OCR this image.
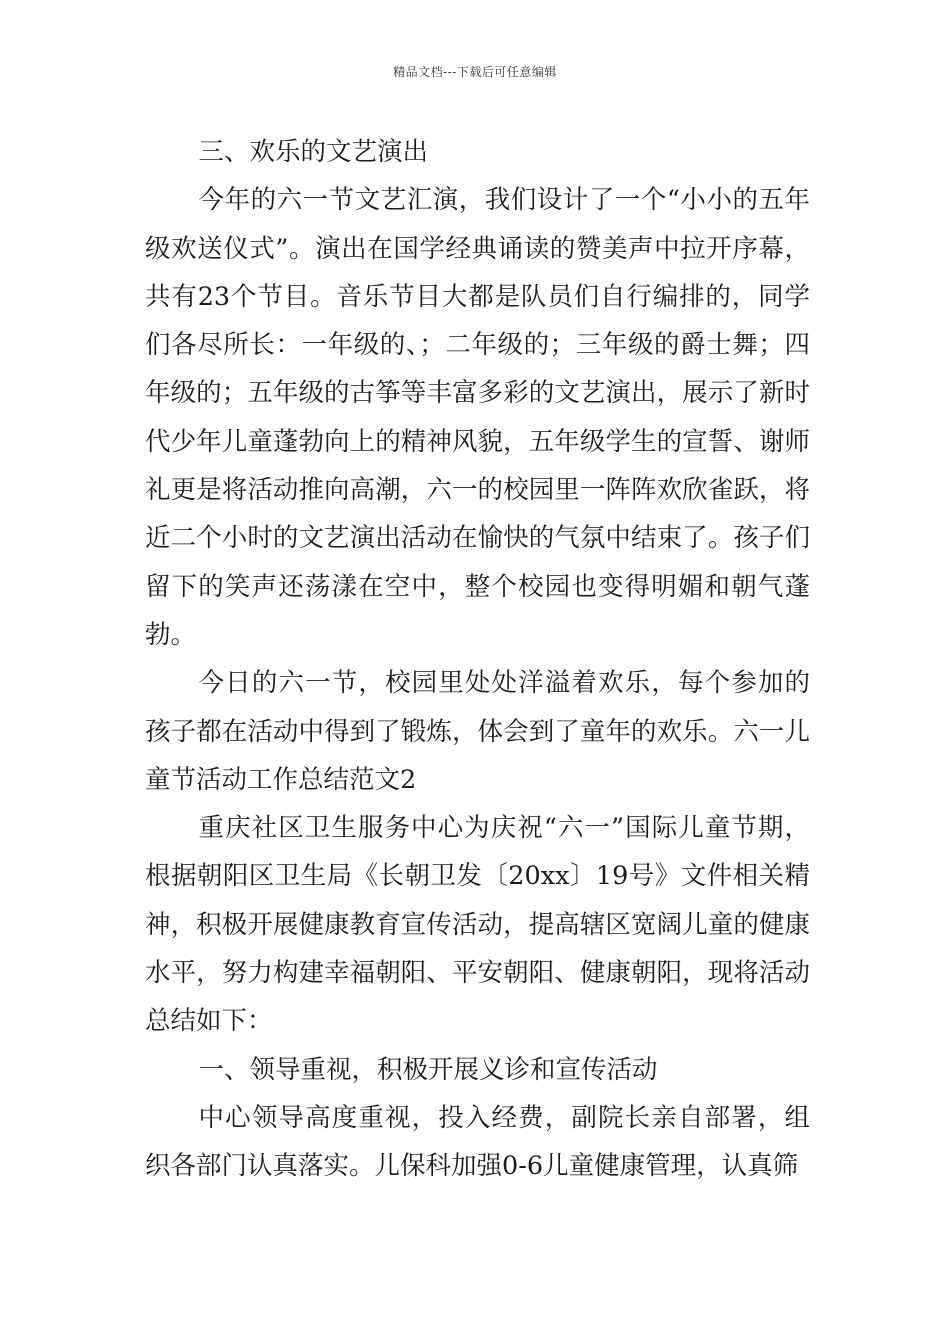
精品文档---下载后可任意编辑

三、欢乐的文艺演出

今年的六一节文艺汇演，我们设计了一个“小小的五年级欢送仪式”。演出在国学经典诵读的赞美声中拉开序幕，共有23个节目。音乐节目大都是队员们自行编排的，同学们各尽所长：一年级的、；二年级的；三年级的爵士舞；四年级的；五年级的古筝等丰富多彩的文艺演出，展示了新时代少年儿童蓬勃向上的精神风貌，五年级学生的宣誓、谢师礼更是将活动推向高潮，六一的校园里一阵阵欢欣雀跃，将近二个小时的文艺演出活动在愉快的气氛中结束了。孩子们留下的笑声还荡漾在空中，整个校园也变得明媚和朝气蓬勃。

今日的六一节，校园里处处洋溢着欢乐，每个参加的孩子都在活动中得到了锻炼，体会到了童年的欢乐。六一儿童节活动工作总结范文2

重庆社区卫生服务中心为庆祝“六一”国际儿童节期，根据朝阳区卫生局《长朝卫发〔20xx〕19号》文件相关精神，积极开展健康教育宣传活动，提高辖区宽阔儿童的健康水平，努力构建幸福朝阳、平安朝阳、健康朝阳，现将活动总结如下：

一、领导重视，积极开展义诊和宣传活动

中心领导高度重视，投入经费，副院长亲自部署，组织各部门认真落实。儿保科加强0-6儿童健康管理，认真筛
